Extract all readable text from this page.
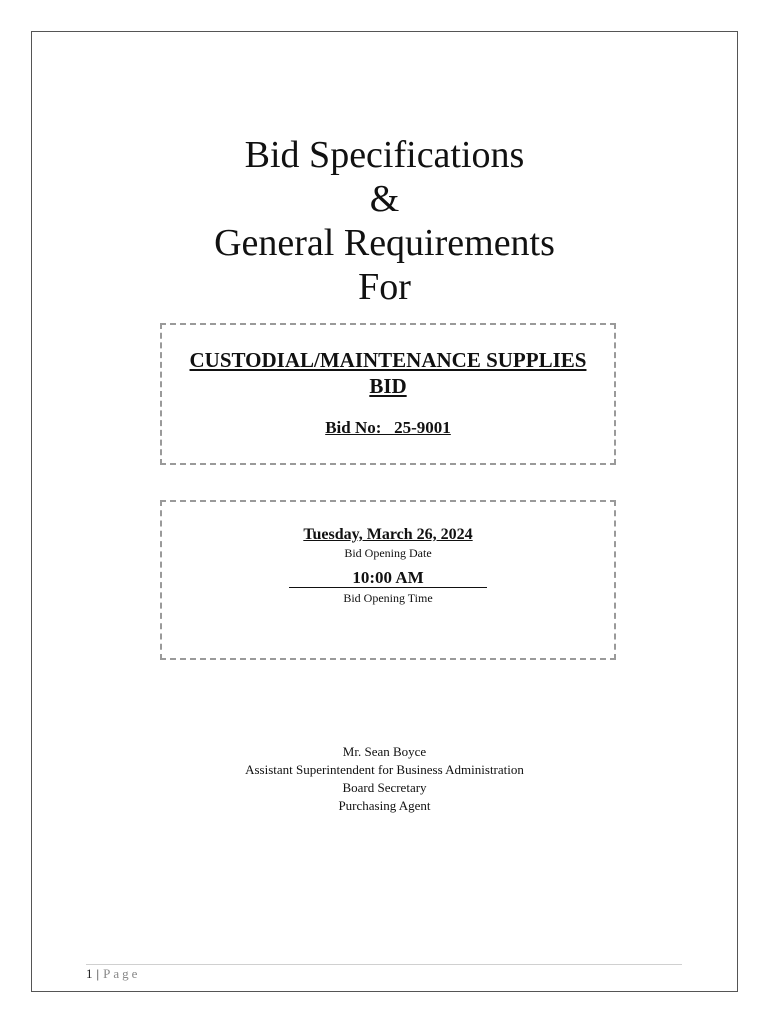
Bid Specifications

&

General Requirements

For

CUSTODIAL/MAINTENANCE SUPPLIES
BID
Bid No:   25-9001
Tuesday, March 26, 2024
Bid Opening Date
10:00 AM
Bid Opening Time
Mr. Sean Boyce
Assistant Superintendent for Business Administration
Board Secretary
Purchasing Agent
1 | Page
